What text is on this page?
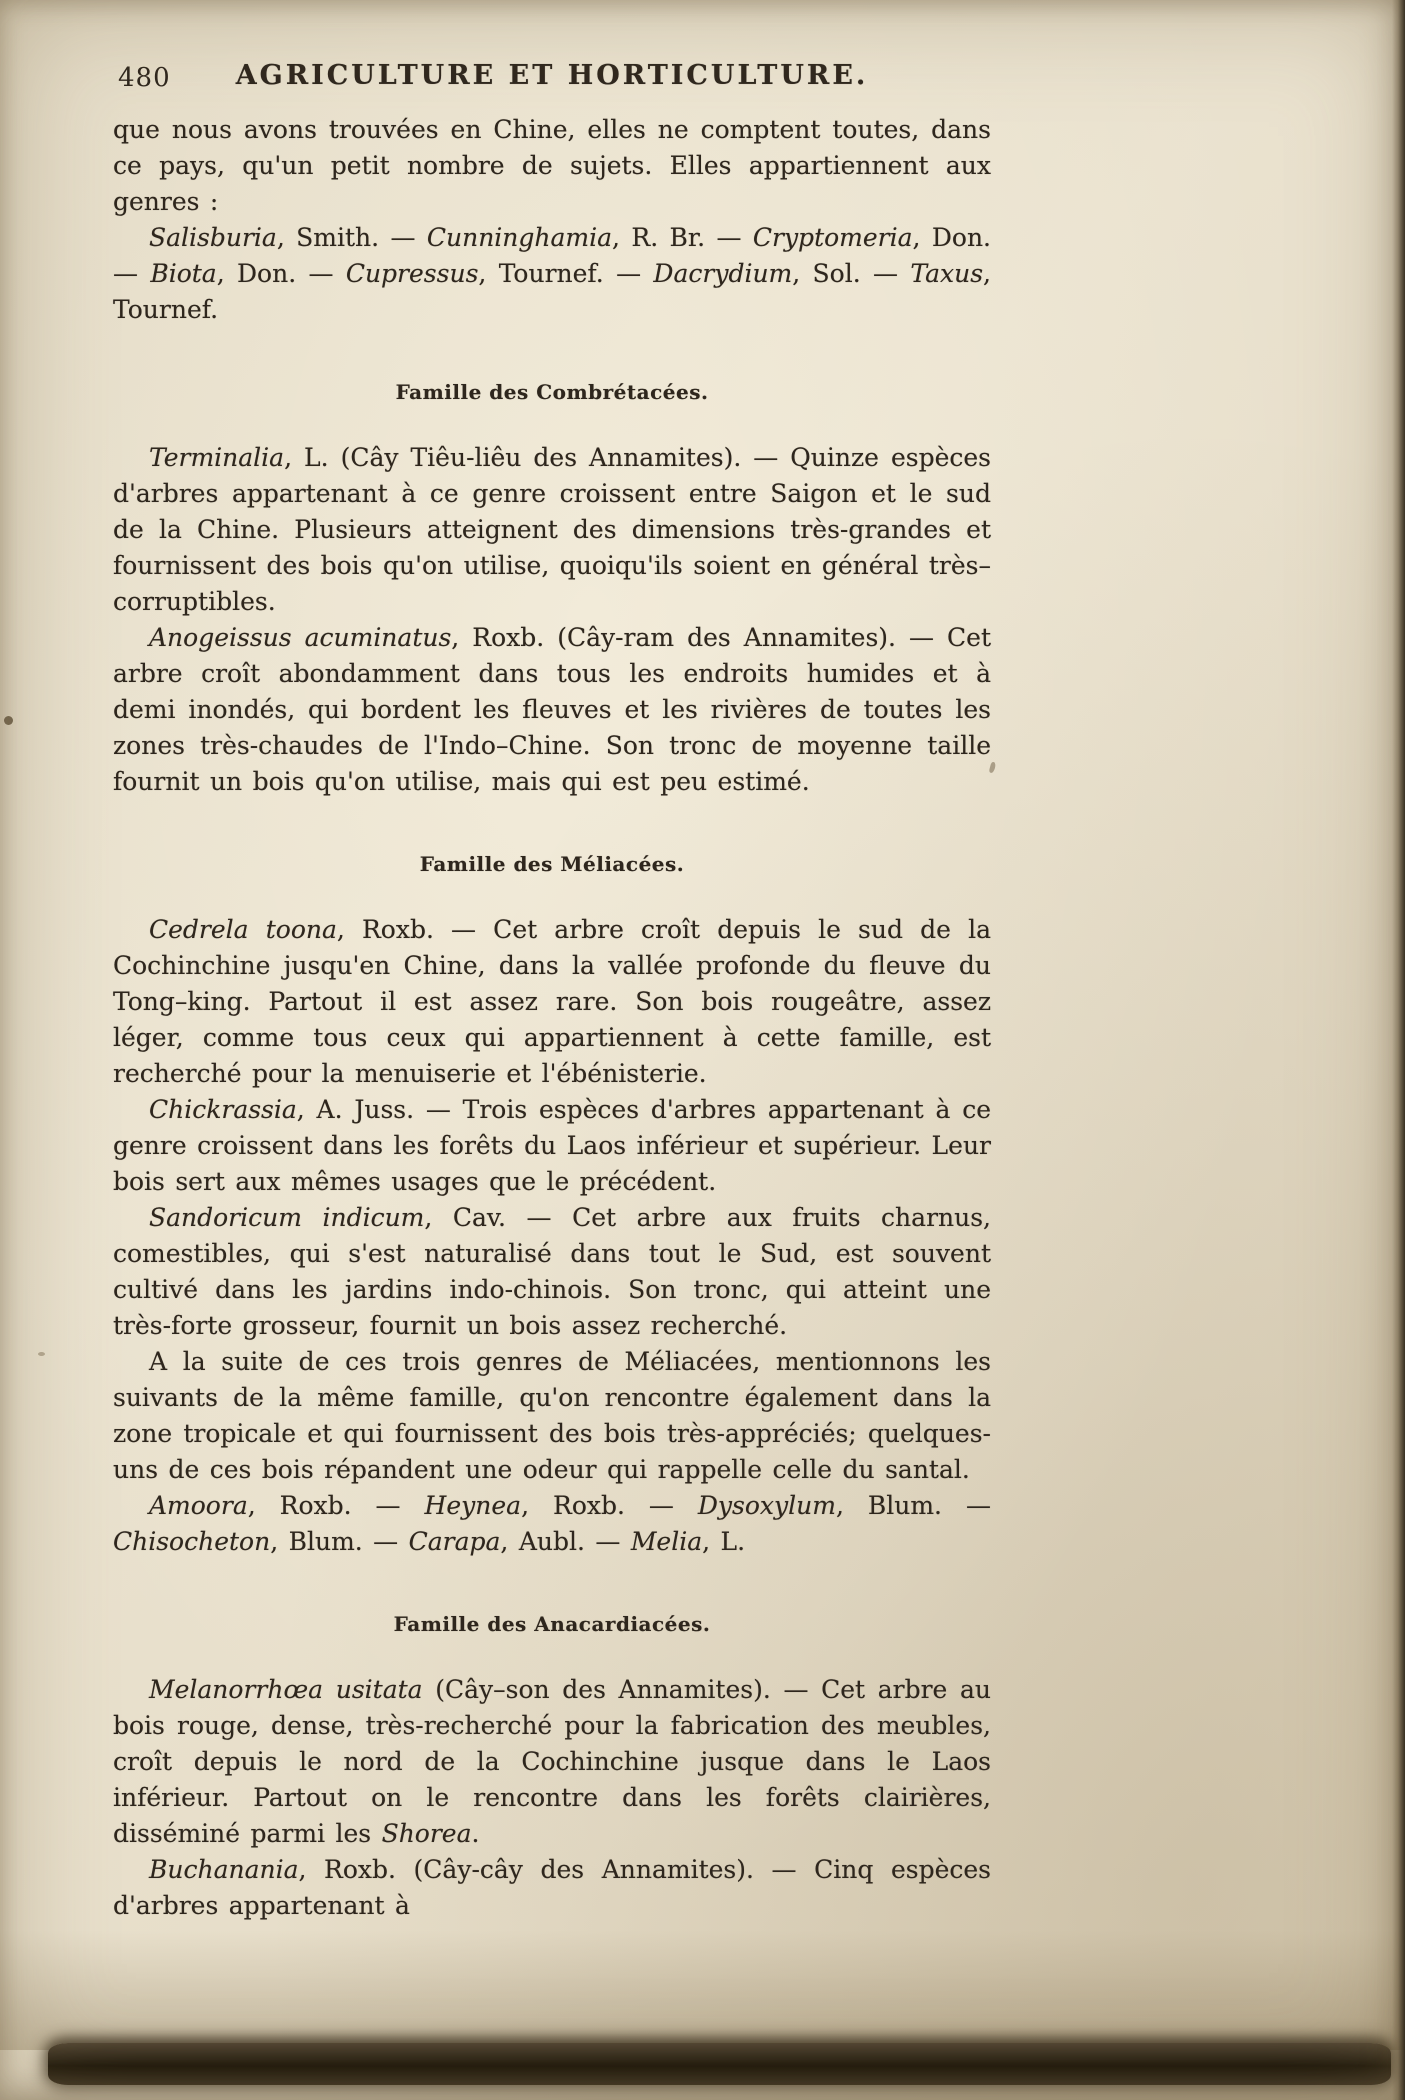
480	AGRICULTURE ET HORTICULTURE.

que nous avons trouvées en Chine, elles ne comptent toutes, dans ce pays, qu'un petit nombre de sujets. Elles appartiennent aux genres :

Salisburia, Smith. — Cunninghamia, R. Br. — Cryptomeria, Don. — Biota, Don. — Cupressus, Tournef. — Dacrydium, Sol. — Taxus, Tournef.

Famille des Combrétacées.

Terminalia, L. (Cây Tiêu-liêu des Annamites). — Quinze espèces d'arbres appartenant à ce genre croissent entre Saigon et le sud de la Chine. Plusieurs atteignent des dimensions très-grandes et fournissent des bois qu'on utilise, quoiqu'ils soient en général très–corruptibles.

Anogeissus acuminatus, Roxb. (Cây-ram des Annamites). — Cet arbre croît abondamment dans tous les endroits humides et à demi inondés, qui bordent les fleuves et les rivières de toutes les zones très-chaudes de l'Indo–Chine. Son tronc de moyenne taille fournit un bois qu'on utilise, mais qui est peu estimé.

Famille des Méliacées.

Cedrela toona, Roxb. — Cet arbre croît depuis le sud de la Cochinchine jusqu'en Chine, dans la vallée profonde du fleuve du Tong–king. Partout il est assez rare. Son bois rougeâtre, assez léger, comme tous ceux qui appartiennent à cette famille, est recherché pour la menuiserie et l'ébénisterie.

Chickrassia, A. Juss. — Trois espèces d'arbres appartenant à ce genre croissent dans les forêts du Laos inférieur et supérieur. Leur bois sert aux mêmes usages que le précédent.

Sandoricum indicum, Cav. — Cet arbre aux fruits charnus, comestibles, qui s'est naturalisé dans tout le Sud, est souvent cultivé dans les jardins indo-chinois. Son tronc, qui atteint une très-forte grosseur, fournit un bois assez recherché.

A la suite de ces trois genres de Méliacées, mentionnons les suivants de la même famille, qu'on rencontre également dans la zone tropicale et qui fournissent des bois très-appréciés; quelques-uns de ces bois répandent une odeur qui rappelle celle du santal.

Amoora, Roxb. — Heynea, Roxb. — Dysoxylum, Blum. — Chisocheton, Blum. — Carapa, Aubl. — Melia, L.

Famille des Anacardiacées.

Melanorrhœa usitata (Cây–son des Annamites). — Cet arbre au bois rouge, dense, très-recherché pour la fabrication des meubles, croît depuis le nord de la Cochinchine jusque dans le Laos inférieur. Partout on le rencontre dans les forêts clairières, disséminé parmi les Shorea.

Buchanania, Roxb. (Cây-cây des Annamites). — Cinq espèces d'arbres appartenant à
